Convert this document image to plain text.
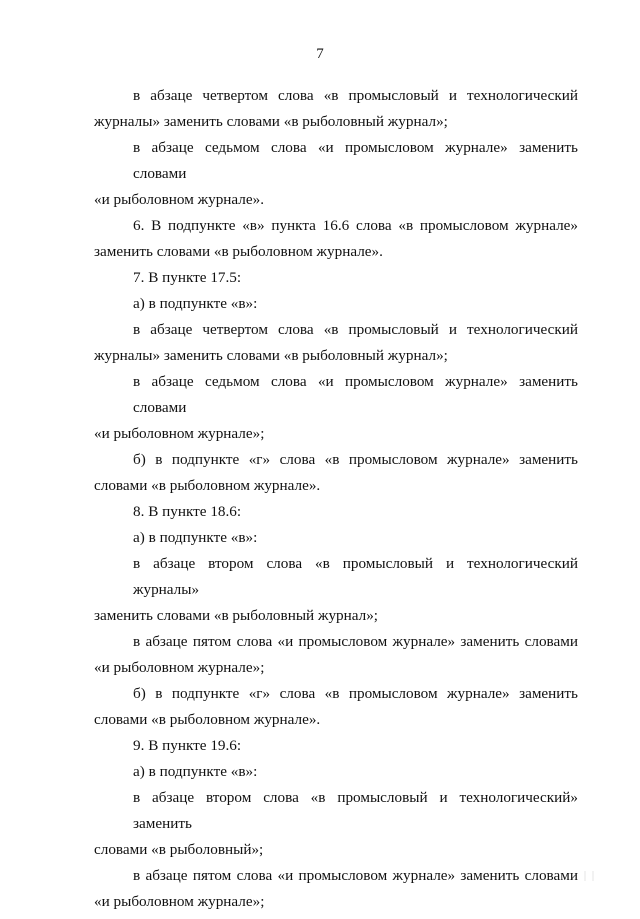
7
в абзаце четвертом слова «в промысловый и технологический
журналы» заменить словами «в рыболовный журнал»;
в абзаце седьмом слова «и промысловом журнале» заменить словами
«и рыболовном журнале».
6. В подпункте «в» пункта 16.6 слова «в промысловом журнале»
заменить словами «в рыболовном журнале».
7. В пункте 17.5:
а) в подпункте «в»:
в абзаце четвертом слова «в промысловый и технологический
журналы» заменить словами «в рыболовный журнал»;
в абзаце седьмом слова «и промысловом журнале» заменить словами
«и рыболовном журнале»;
б) в подпункте «г» слова «в промысловом журнале» заменить
словами «в рыболовном журнале».
8. В пункте 18.6:
а) в подпункте «в»:
в абзаце втором слова «в промысловый и технологический журналы»
заменить словами «в рыболовный журнал»;
в абзаце пятом слова «и промысловом журнале» заменить словами
«и рыболовном журнале»;
б) в подпункте «г» слова «в промысловом журнале» заменить
словами «в рыболовном журнале».
9. В пункте 19.6:
а) в подпункте «в»:
в абзаце втором слова «в промысловый и технологический» заменить
словами «в рыболовный»;
в абзаце пятом слова «и промысловом журнале» заменить словами
«и рыболовном журнале»;
